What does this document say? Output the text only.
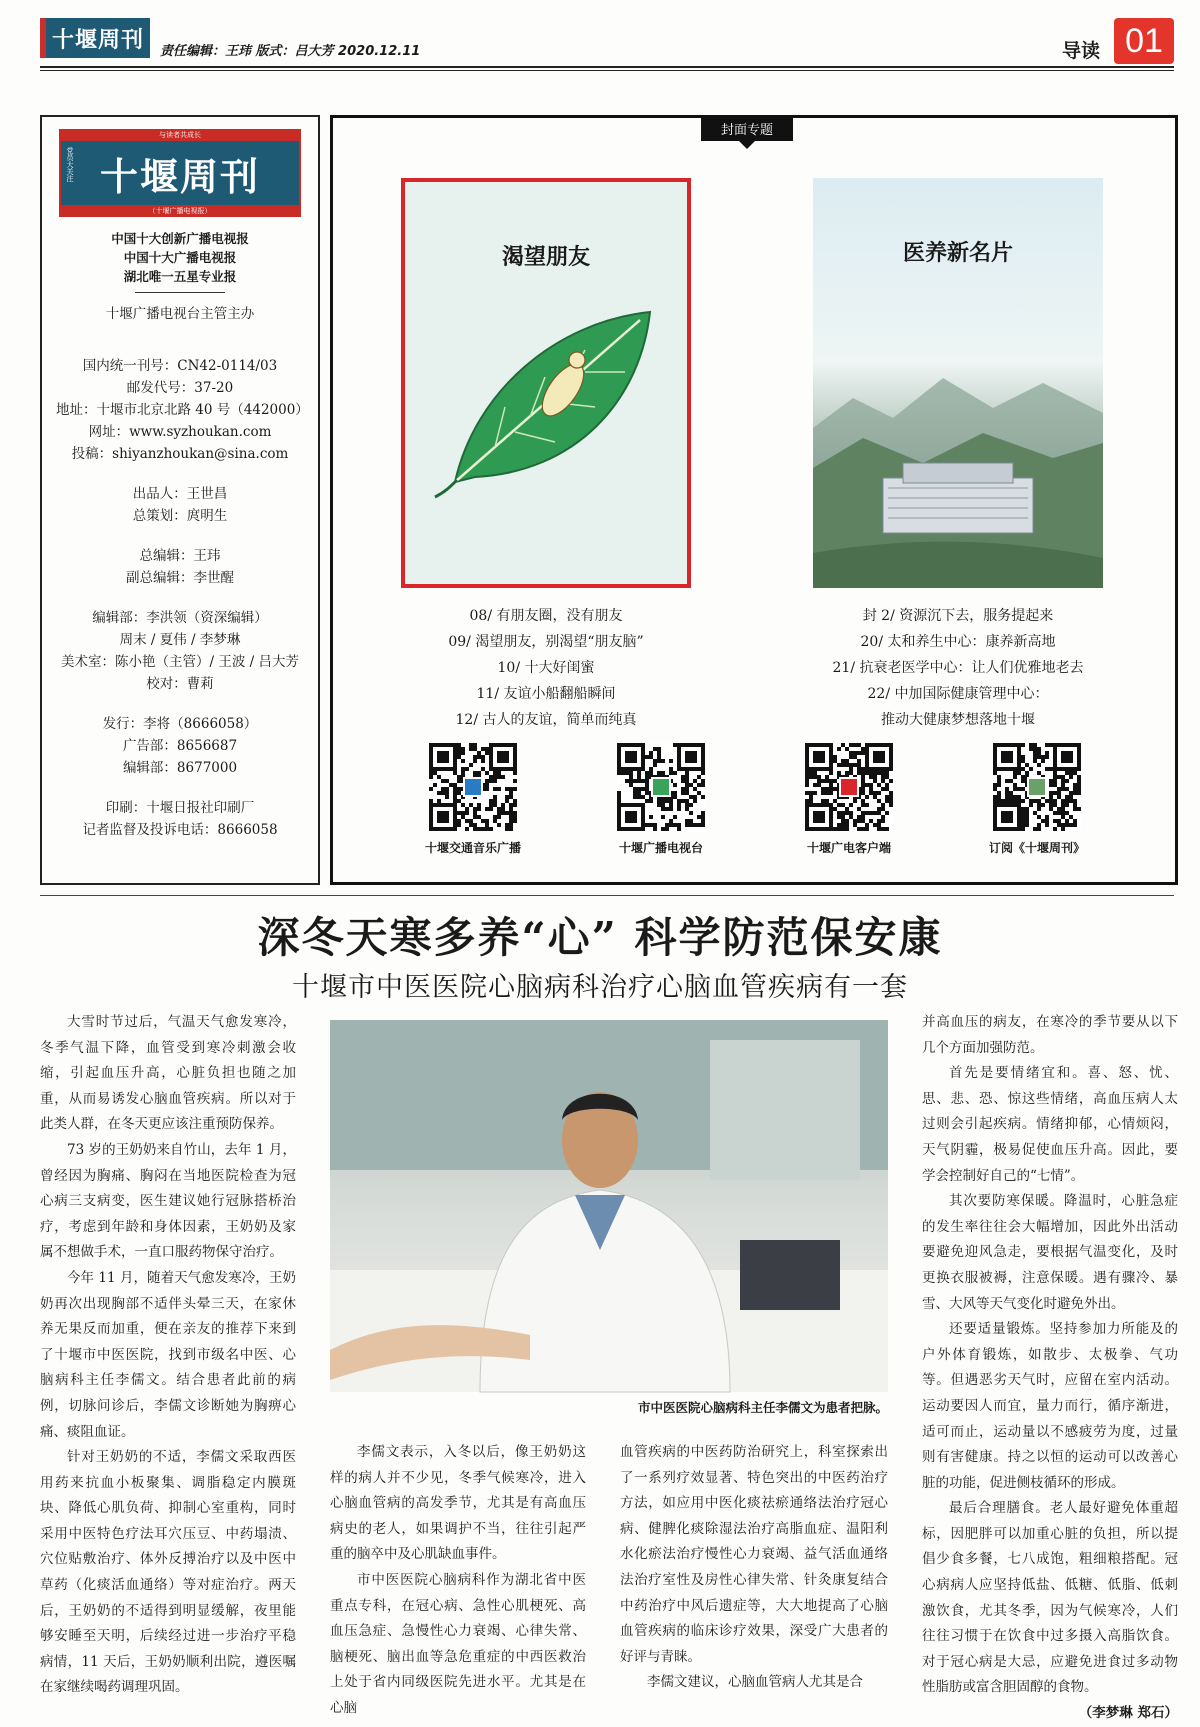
十堰周刊	责任编辑：王玮 版式：吕大芳 2020.12.11	导读 01
与读者共成长
十堰周刊
党员大关注
（十堰广播电视报）
中国十大创新广播电视报
中国十大广播电视报
湖北唯一五星专业报
十堰广播电视台主管主办
国内统一刊号：CN42-0114/03
邮发代号：37-20
地址：十堰市北京北路 40 号（442000）
网址：www.syzhoukan.com
投稿：shiyanzhoukan@sina.com
出品人：王世昌
总策划：庹明生
总编辑：王玮
副总编辑：李世醒
编辑部：李洪领（资深编辑）
周末 / 夏伟 / 李梦琳
美术室：陈小艳（主管）/ 王波 / 吕大芳
校对：曹莉
发行：李将（8666058）
广告部：8656687
编辑部：8677000
印刷：十堰日报社印刷厂
记者监督及投诉电话：8666058
封面专题
渴望朋友	医养新名片
08/ 有朋友圈，没有朋友
09/ 渴望朋友，别渴望“朋友脑”
10/ 十大好闺蜜
11/ 友谊小船翻船瞬间
12/ 古人的友谊，简单而纯真
封 2/ 资源沉下去，服务提起来
20/ 太和养生中心：康养新高地
21/ 抗衰老医学中心：让人们优雅地老去
22/ 中加国际健康管理中心：
推动大健康梦想落地十堰
十堰交通音乐广播	十堰广播电视台	十堰广电客户端	订阅《十堰周刊》
深冬天寒多养“心” 科学防范保安康
十堰市中医医院心脑病科治疗心脑血管疾病有一套

大雪时节过后，气温天气愈发寒冷，冬季气温下降，血管受到寒冷刺激会收缩，引起血压升高，心脏负担也随之加重，从而易诱发心脑血管疾病。所以对于此类人群，在冬天更应该注重预防保养。

73 岁的王奶奶来自竹山，去年 1 月，曾经因为胸痛、胸闷在当地医院检查为冠心病三支病变，医生建议她行冠脉搭桥治疗，考虑到年龄和身体因素，王奶奶及家属不想做手术，一直口服药物保守治疗。

今年 11 月，随着天气愈发寒冷，王奶奶再次出现胸部不适伴头晕三天，在家休养无果反而加重，便在亲友的推荐下来到了十堰市中医医院，找到市级名中医、心脑病科主任李儒文。结合患者此前的病例，切脉问诊后，李儒文诊断她为胸痹心痛、痰阻血证。

针对王奶奶的不适，李儒文采取西医用药来抗血小板聚集、调脂稳定内膜斑块、降低心肌负荷、抑制心室重构，同时采用中医特色疗法耳穴压豆、中药塌渍、穴位贴敷治疗、体外反搏治疗以及中医中草药（化痰活血通络）等对症治疗。两天后，王奶奶的不适得到明显缓解，夜里能够安睡至天明，后续经过进一步治疗平稳病情，11 天后，王奶奶顺利出院，遵医嘱在家继续喝药调理巩固。

市中医医院心脑病科主任李儒文为患者把脉。

李儒文表示，入冬以后，像王奶奶这样的病人并不少见，冬季气候寒冷，进入心脑血管病的高发季节，尤其是有高血压病史的老人，如果调护不当，往往引起严重的脑卒中及心肌缺血事件。

市中医医院心脑病科作为湖北省中医重点专科，在冠心病、急性心肌梗死、高血压急症、急慢性心力衰竭、心律失常、脑梗死、脑出血等急危重症的中西医救治上处于省内同级医院先进水平。尤其是在心脑

血管疾病的中医药防治研究上，科室探索出了一系列疗效显著、特色突出的中医药治疗方法，如应用中医化痰祛瘀通络法治疗冠心病、健脾化痰除湿法治疗高脂血症、温阳利水化瘀法治疗慢性心力衰竭、益气活血通络法治疗室性及房性心律失常、针灸康复结合中药治疗中风后遗症等，大大地提高了心脑血管疾病的临床诊疗效果，深受广大患者的好评与青睐。

李儒文建议，心脑血管病人尤其是合

并高血压的病友，在寒冷的季节要从以下几个方面加强防范。

首先是要情绪宜和。喜、怒、忧、思、悲、恐、惊这些情绪，高血压病人太过则会引起疾病。情绪抑郁，心情烦闷，天气阴霾，极易促使血压升高。因此，要学会控制好自己的“七情”。

其次要防寒保暖。降温时，心脏急症的发生率往往会大幅增加，因此外出活动要避免迎风急走，要根据气温变化，及时更换衣服被褥，注意保暖。遇有骤冷、暴雪、大风等天气变化时避免外出。

还要适量锻炼。坚持参加力所能及的户外体育锻炼，如散步、太极拳、气功等。但遇恶劣天气时，应留在室内活动。运动要因人而宜，量力而行，循序渐进，适可而止，运动量以不感疲劳为度，过量则有害健康。持之以恒的运动可以改善心脏的功能，促进侧枝循环的形成。

最后合理膳食。老人最好避免体重超标，因肥胖可以加重心脏的负担，所以提倡少食多餐，七八成饱，粗细粮搭配。冠心病病人应坚持低盐、低糖、低脂、低刺激饮食，尤其冬季，因为气候寒冷，人们往往习惯于在饮食中过多摄入高脂饮食。对于冠心病是大忌，应避免进食过多动物性脂肪或富含胆固醇的食物。

（李梦琳 郑石）
